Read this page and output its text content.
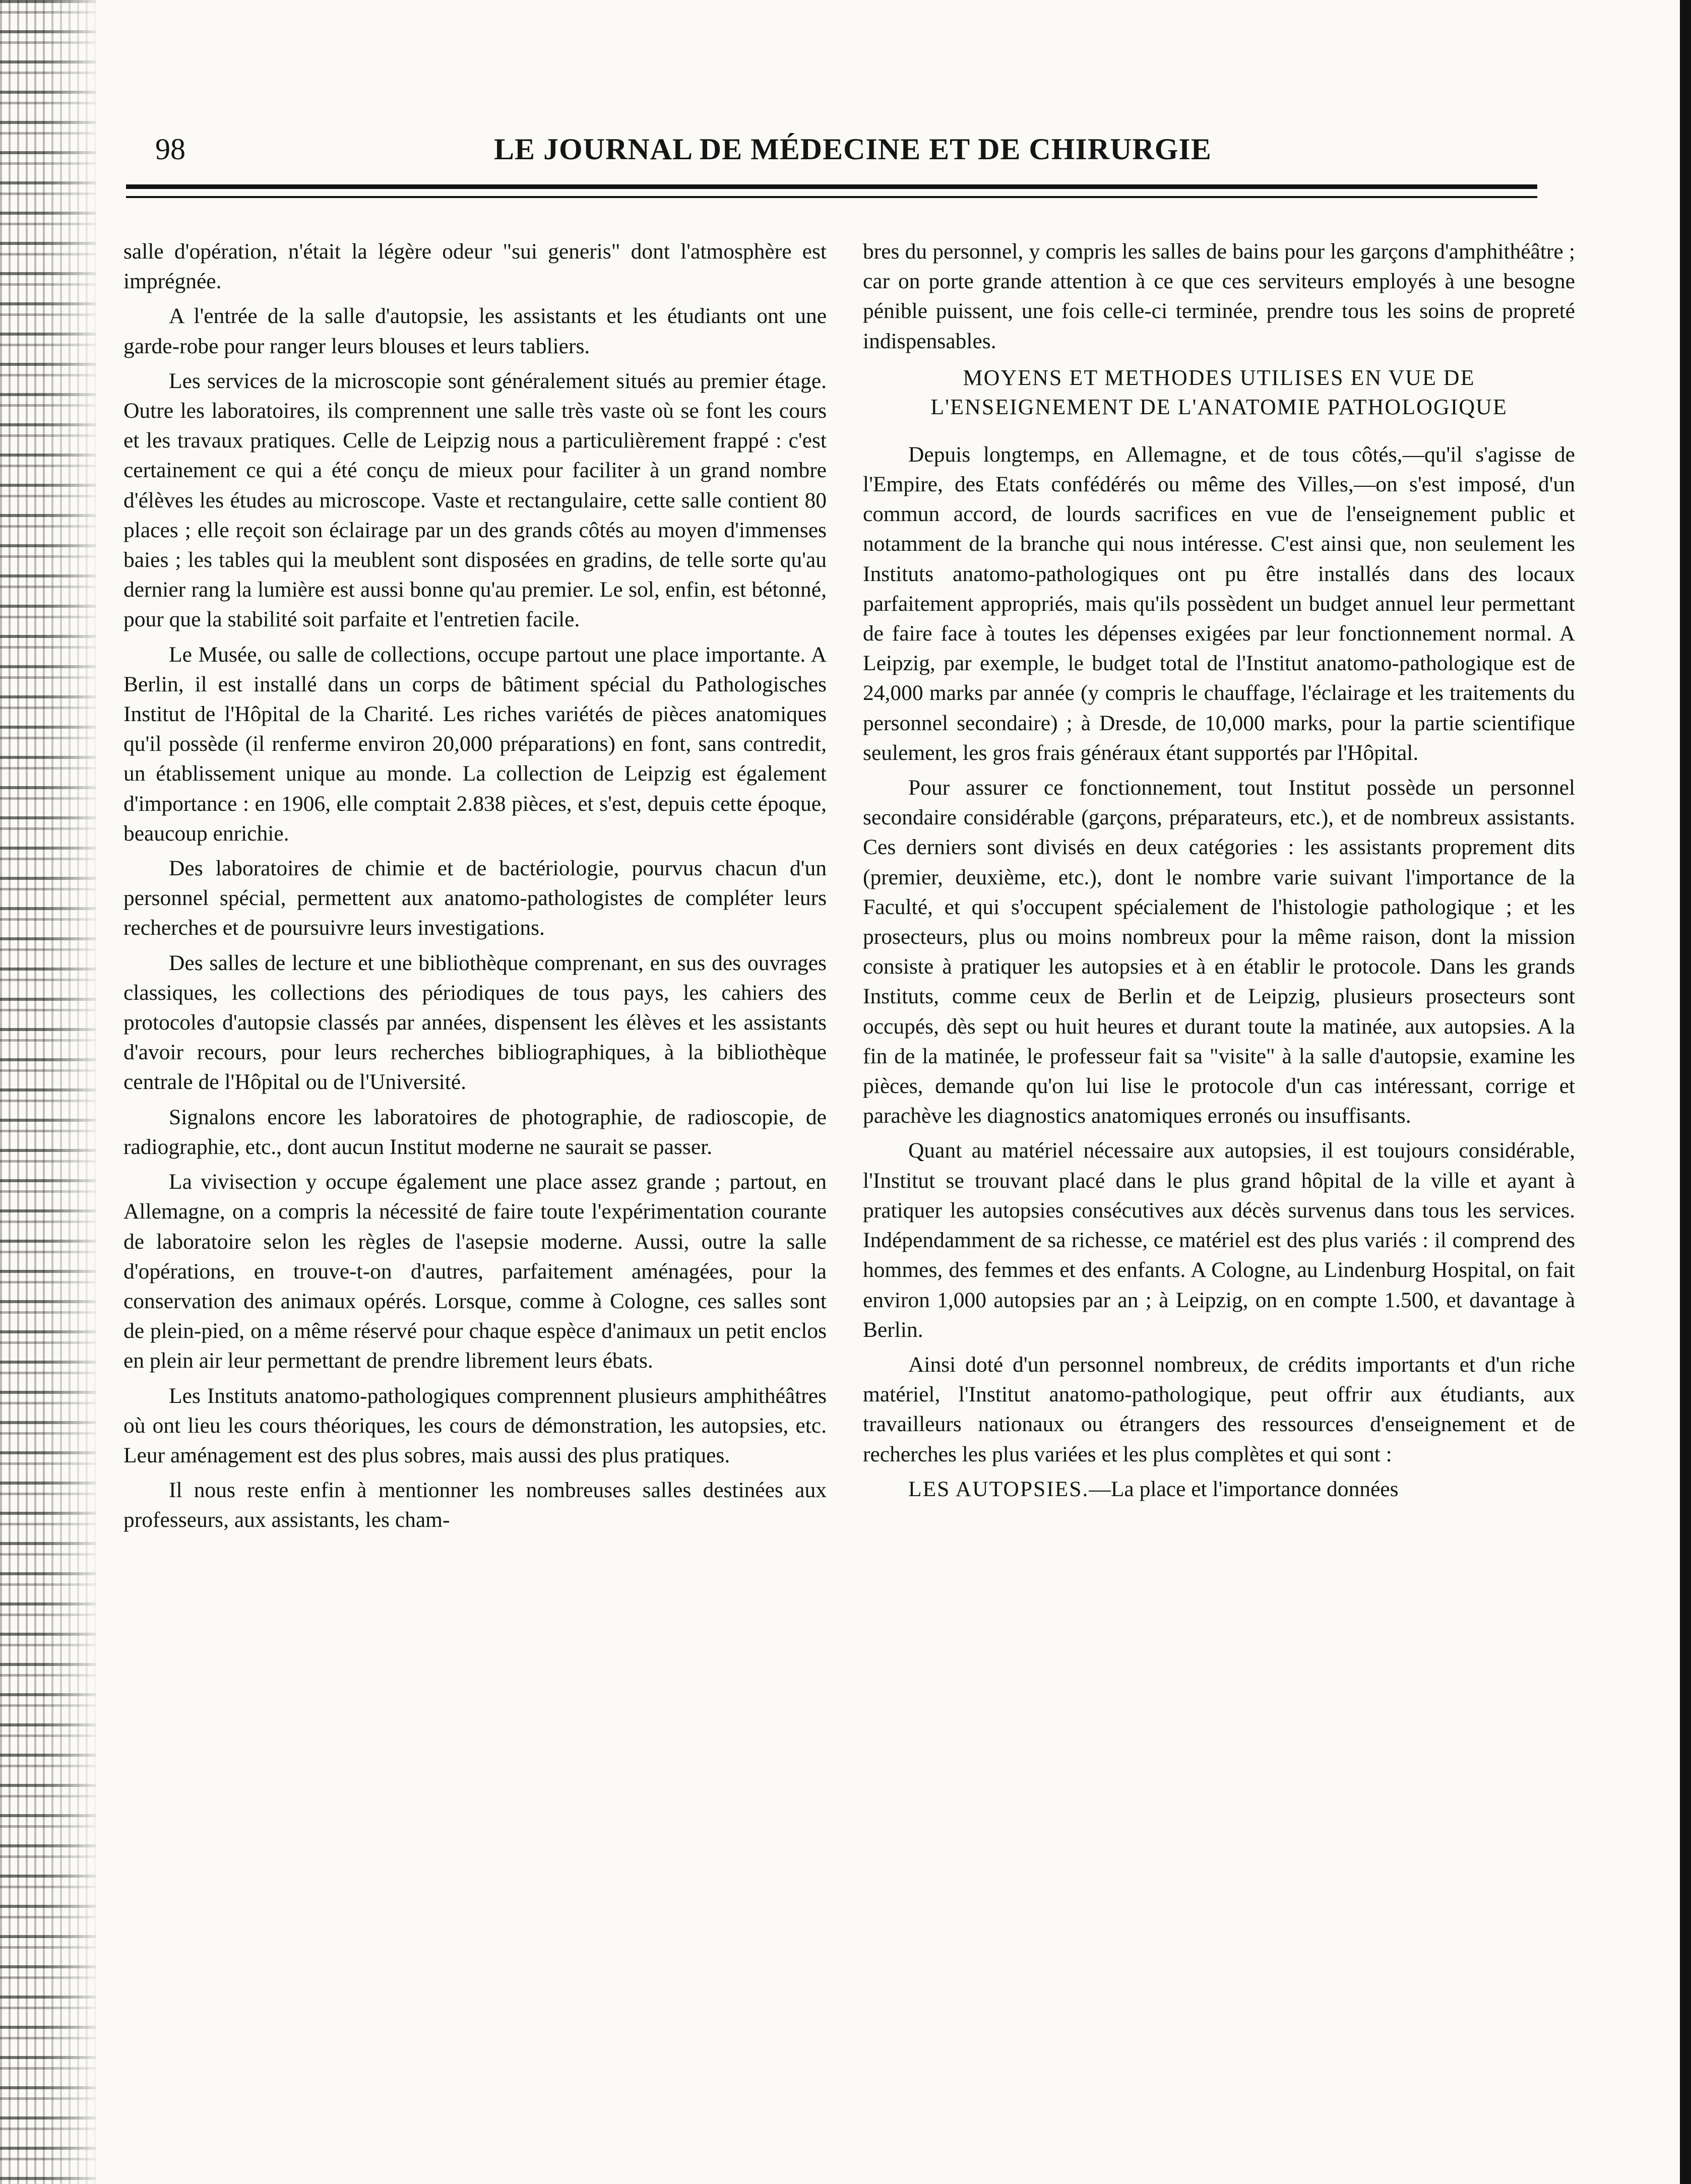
98	LE JOURNAL DE MÉDECINE ET DE CHIRURGIE

salle d'opération, n'était la légère odeur "sui generis" dont l'atmosphère est imprégnée.

A l'entrée de la salle d'autopsie, les assistants et les étudiants ont une garde-robe pour ranger leurs blouses et leurs tabliers.

Les services de la microscopie sont généralement situés au premier étage. Outre les laboratoires, ils comprennent une salle très vaste où se font les cours et les travaux pratiques. Celle de Leipzig nous a particulièrement frappé : c'est certainement ce qui a été conçu de mieux pour faciliter à un grand nombre d'élèves les études au microscope. Vaste et rectangulaire, cette salle contient 80 places ; elle reçoit son éclairage par un des grands côtés au moyen d'immenses baies ; les tables qui la meublent sont disposées en gradins, de telle sorte qu'au dernier rang la lumière est aussi bonne qu'au premier. Le sol, enfin, est bétonné, pour que la stabilité soit parfaite et l'entretien facile.

Le Musée, ou salle de collections, occupe partout une place importante. A Berlin, il est installé dans un corps de bâtiment spécial du Pathologisches Institut de l'Hôpital de la Charité. Les riches variétés de pièces anatomiques qu'il possède (il renferme environ 20,000 préparations) en font, sans contredit, un établissement unique au monde. La collection de Leipzig est également d'importance : en 1906, elle comptait 2.838 pièces, et s'est, depuis cette époque, beaucoup enrichie.

Des laboratoires de chimie et de bactériologie, pourvus chacun d'un personnel spécial, permettent aux anatomo-pathologistes de compléter leurs recherches et de poursuivre leurs investigations.

Des salles de lecture et une bibliothèque comprenant, en sus des ouvrages classiques, les collections des périodiques de tous pays, les cahiers des protocoles d'autopsie classés par années, dispensent les élèves et les assistants d'avoir recours, pour leurs recherches bibliographiques, à la bibliothèque centrale de l'Hôpital ou de l'Université.

Signalons encore les laboratoires de photographie, de radioscopie, de radiographie, etc., dont aucun Institut moderne ne saurait se passer.

La vivisection y occupe également une place assez grande ; partout, en Allemagne, on a compris la nécessité de faire toute l'expérimentation courante de laboratoire selon les règles de l'asepsie moderne. Aussi, outre la salle d'opérations, en trouve-t-on d'autres, parfaitement aménagées, pour la conservation des animaux opérés. Lorsque, comme à Cologne, ces salles sont de plein-pied, on a même réservé pour chaque espèce d'animaux un petit enclos en plein air leur permettant de prendre librement leurs ébats.

Les Instituts anatomo-pathologiques comprennent plusieurs amphithéâtres où ont lieu les cours théoriques, les cours de démonstration, les autopsies, etc. Leur aménagement est des plus sobres, mais aussi des plus pratiques.

Il nous reste enfin à mentionner les nombreuses salles destinées aux professeurs, aux assistants, les cham-

bres du personnel, y compris les salles de bains pour les garçons d'amphithéâtre ; car on porte grande attention à ce que ces serviteurs employés à une besogne pénible puissent, une fois celle-ci terminée, prendre tous les soins de propreté indispensables.

MOYENS ET METHODES UTILISES EN VUE DE L'ENSEIGNEMENT DE L'ANATOMIE PATHOLOGIQUE

Depuis longtemps, en Allemagne, et de tous côtés,—qu'il s'agisse de l'Empire, des Etats confédérés ou même des Villes,—on s'est imposé, d'un commun accord, de lourds sacrifices en vue de l'enseignement public et notamment de la branche qui nous intéresse. C'est ainsi que, non seulement les Instituts anatomo-pathologiques ont pu être installés dans des locaux parfaitement appropriés, mais qu'ils possèdent un budget annuel leur permettant de faire face à toutes les dépenses exigées par leur fonctionnement normal. A Leipzig, par exemple, le budget total de l'Institut anatomo-pathologique est de 24,000 marks par année (y compris le chauffage, l'éclairage et les traitements du personnel secondaire) ; à Dresde, de 10,000 marks, pour la partie scientifique seulement, les gros frais généraux étant supportés par l'Hôpital.

Pour assurer ce fonctionnement, tout Institut possède un personnel secondaire considérable (garçons, préparateurs, etc.), et de nombreux assistants. Ces derniers sont divisés en deux catégories : les assistants proprement dits (premier, deuxième, etc.), dont le nombre varie suivant l'importance de la Faculté, et qui s'occupent spécialement de l'histologie pathologique ; et les prosecteurs, plus ou moins nombreux pour la même raison, dont la mission consiste à pratiquer les autopsies et à en établir le protocole. Dans les grands Instituts, comme ceux de Berlin et de Leipzig, plusieurs prosecteurs sont occupés, dès sept ou huit heures et durant toute la matinée, aux autopsies. A la fin de la matinée, le professeur fait sa "visite" à la salle d'autopsie, examine les pièces, demande qu'on lui lise le protocole d'un cas intéressant, corrige et parachève les diagnostics anatomiques erronés ou insuffisants.

Quant au matériel nécessaire aux autopsies, il est toujours considérable, l'Institut se trouvant placé dans le plus grand hôpital de la ville et ayant à pratiquer les autopsies consécutives aux décès survenus dans tous les services. Indépendamment de sa richesse, ce matériel est des plus variés : il comprend des hommes, des femmes et des enfants. A Cologne, au Lindenburg Hospital, on fait environ 1,000 autopsies par an ; à Leipzig, on en compte 1.500, et davantage à Berlin.

Ainsi doté d'un personnel nombreux, de crédits importants et d'un riche matériel, l'Institut anatomo-pathologique, peut offrir aux étudiants, aux travailleurs nationaux ou étrangers des ressources d'enseignement et de recherches les plus variées et les plus complètes et qui sont :

LES AUTOPSIES.—La place et l'importance données
